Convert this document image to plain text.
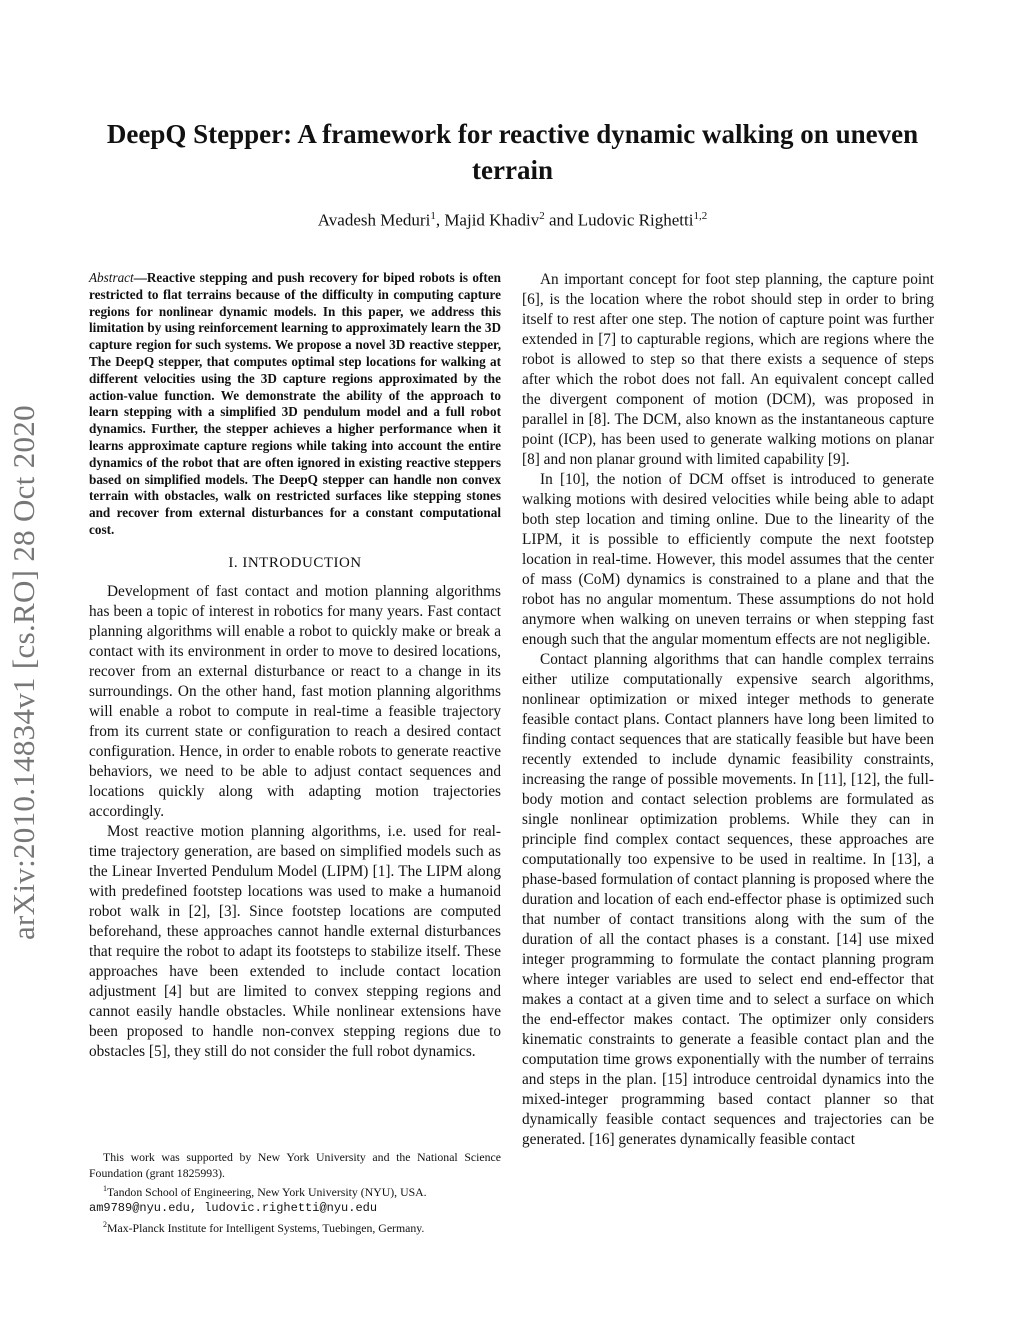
arXiv:2010.14834v1 [cs.RO] 28 Oct 2020
DeepQ Stepper: A framework for reactive dynamic walking on uneven terrain
Avadesh Meduri$^1$, Majid Khadiv$^2$ and Ludovic Righetti$^{1,2}$

Abstract—Reactive stepping and push recovery for biped robots is often restricted to flat terrains because of the difficulty in computing capture regions for nonlinear dynamic models. In this paper, we address this limitation by using reinforcement learning to approximately learn the 3D capture region for such systems. We propose a novel 3D reactive stepper, The DeepQ stepper, that computes optimal step locations for walking at different velocities using the 3D capture regions approximated by the action-value function. We demonstrate the ability of the approach to learn stepping with a simplified 3D pendulum model and a full robot dynamics. Further, the stepper achieves a higher performance when it learns approximate capture regions while taking into account the entire dynamics of the robot that are often ignored in existing reactive steppers based on simplified models. The DeepQ stepper can handle non convex terrain with obstacles, walk on restricted surfaces like stepping stones and recover from external disturbances for a constant computational cost.

I. INTRODUCTION

Development of fast contact and motion planning algorithms has been a topic of interest in robotics for many years. Fast contact planning algorithms will enable a robot to quickly make or break a contact with its environment in order to move to desired locations, recover from an external disturbance or react to a change in its surroundings. On the other hand, fast motion planning algorithms will enable a robot to compute in real-time a feasible trajectory from its current state or configuration to reach a desired contact configuration. Hence, in order to enable robots to generate reactive behaviors, we need to be able to adjust contact sequences and locations quickly along with adapting motion trajectories accordingly.

Most reactive motion planning algorithms, i.e. used for real-time trajectory generation, are based on simplified models such as the Linear Inverted Pendulum Model (LIPM) [1]. The LIPM along with predefined footstep locations was used to make a humanoid robot walk in [2], [3]. Since footstep locations are computed beforehand, these approaches cannot handle external disturbances that require the robot to adapt its footsteps to stabilize itself. These approaches have been extended to include contact location adjustment [4] but are limited to convex stepping regions and cannot easily handle obstacles. While nonlinear extensions have been proposed to handle non-convex stepping regions due to obstacles [5], they still do not consider the full robot dynamics.

An important concept for foot step planning, the capture point [6], is the location where the robot should step in order to bring itself to rest after one step. The notion of capture point was further extended in [7] to capturable regions, which are regions where the robot is allowed to step so that there exists a sequence of steps after which the robot does not fall. An equivalent concept called the divergent component of motion (DCM), was proposed in parallel in [8]. The DCM, also known as the instantaneous capture point (ICP), has been used to generate walking motions on planar [8] and non planar ground with limited capability [9].

In [10], the notion of DCM offset is introduced to generate walking motions with desired velocities while being able to adapt both step location and timing online. Due to the linearity of the LIPM, it is possible to efficiently compute the next footstep location in real-time. However, this model assumes that the center of mass (CoM) dynamics is constrained to a plane and that the robot has no angular momentum. These assumptions do not hold anymore when walking on uneven terrains or when stepping fast enough such that the angular momentum effects are not negligible.

Contact planning algorithms that can handle complex terrains either utilize computationally expensive search algorithms, nonlinear optimization or mixed integer methods to generate feasible contact plans. Contact planners have long been limited to finding contact sequences that are statically feasible but have been recently extended to include dynamic feasibility constraints, increasing the range of possible movements. In [11], [12], the full-body motion and contact selection problems are formulated as single nonlinear optimization problems. While they can in principle find complex contact sequences, these approaches are computationally too expensive to be used in realtime. In [13], a phase-based formulation of contact planning is proposed where the duration and location of each end-effector phase is optimized such that number of contact transitions along with the sum of the duration of all the contact phases is a constant. [14] use mixed integer programming to formulate the contact planning program where integer variables are used to select end end-effector that makes a contact at a given time and to select a surface on which the end-effector makes contact. The optimizer only considers kinematic constraints to generate a feasible contact plan and the computation time grows exponentially with the number of terrains and steps in the plan. [15] introduce centroidal dynamics into the mixed-integer programming based contact planner so that dynamically feasible contact sequences and trajectories can be generated. [16] generates dynamically feasible contact

This work was supported by New York University and the National Science Foundation (grant 1825993).

$^1$Tandon School of Engineering, New York University (NYU), USA.

am9789@nyu.edu, ludovic.righetti@nyu.edu

$^2$Max-Planck Institute for Intelligent Systems, Tuebingen, Germany.
